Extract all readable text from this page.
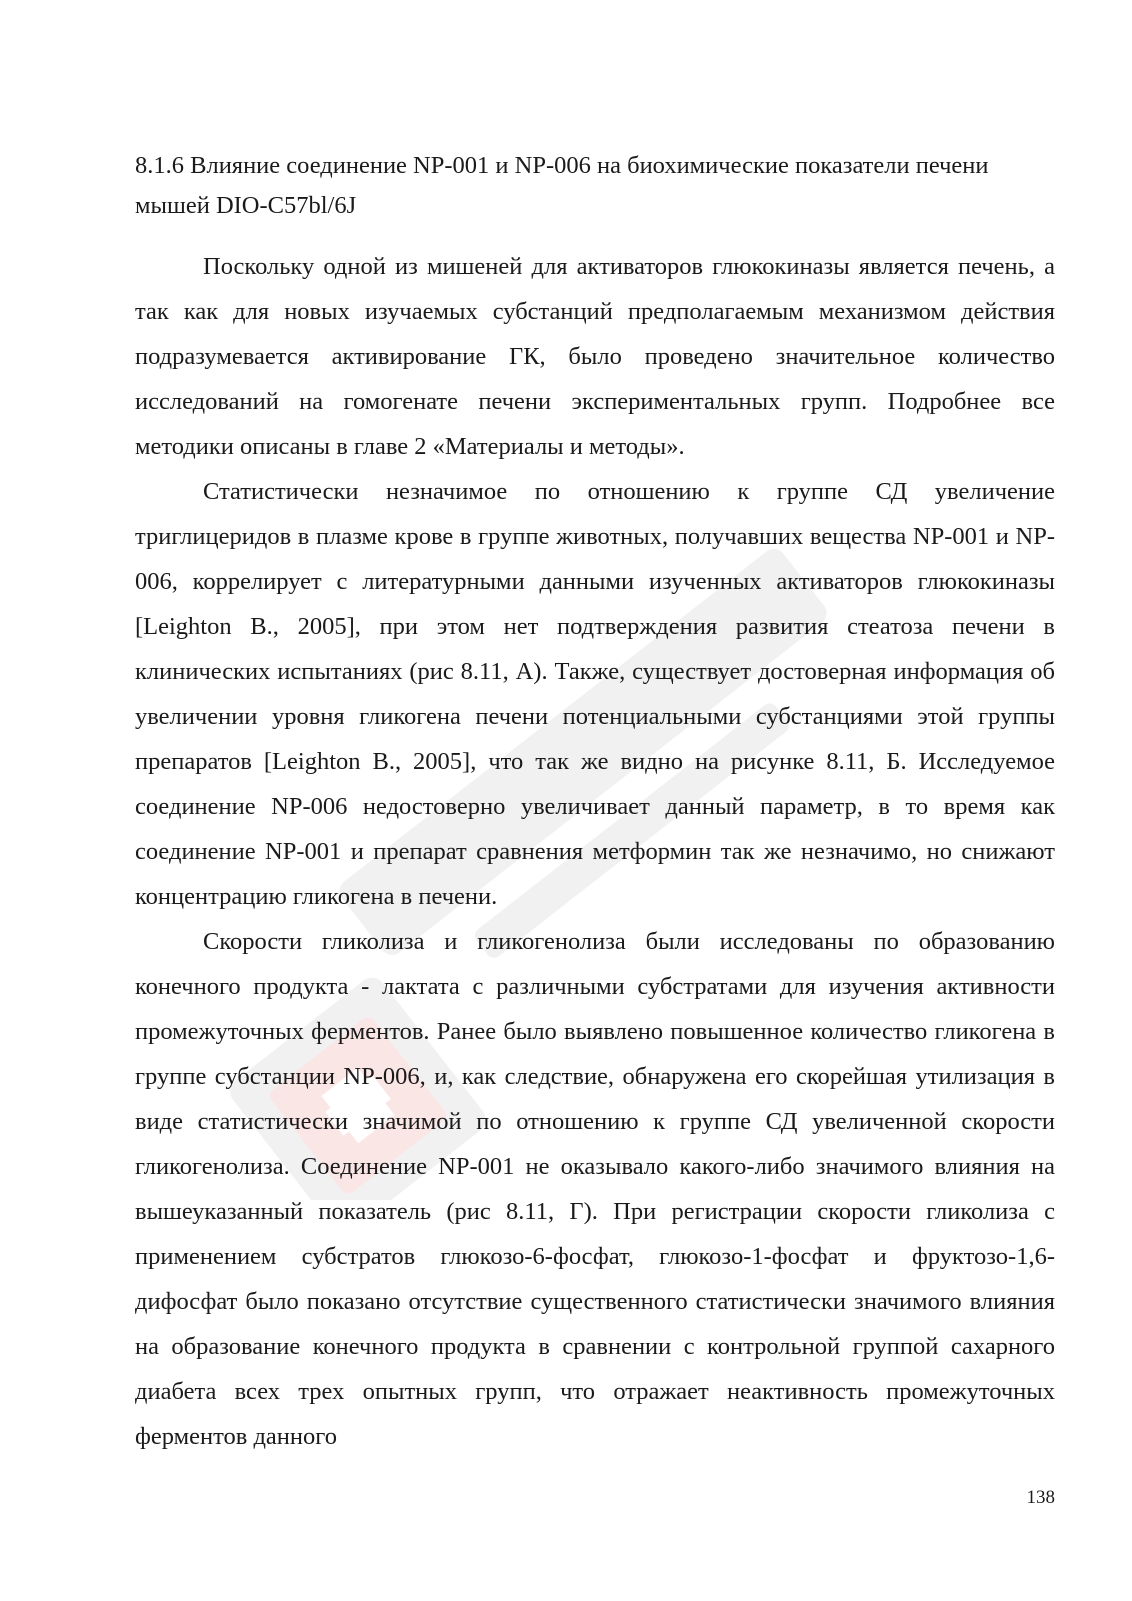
8.1.6 Влияние соединение NP-001 и NP-006 на биохимические показатели печени мышей DIO-C57bl/6J

Поскольку одной из мишеней для активаторов глюкокиназы является печень, а так как для новых изучаемых субстанций предполагаемым механизмом действия подразумевается активирование ГК, было проведено значительное количество исследований на гомогенате печени экспериментальных групп. Подробнее все методики описаны в главе 2 «Материалы и методы».

Статистически незначимое по отношению к группе СД увеличение триглицеридов в плазме крове в группе животных, получавших вещества NP-001 и NP-006, коррелирует с литературными данными изученных активаторов глюкокиназы [Leighton B., 2005], при этом нет подтверждения развития стеатоза печени в клинических испытаниях (рис 8.11, А). Также, существует достоверная информация об увеличении уровня гликогена печени потенциальными субстанциями этой группы препаратов [Leighton B., 2005], что так же видно на рисунке 8.11, Б. Исследуемое соединение NP-006 недостоверно увеличивает данный параметр, в то время как соединение NP-001 и препарат сравнения метформин так же незначимо, но снижают концентрацию гликогена в печени.

Скорости гликолиза и гликогенолиза были исследованы по образованию конечного продукта - лактата с различными субстратами для изучения активности промежуточных ферментов. Ранее было выявлено повышенное количество гликогена в группе субстанции NP-006, и, как следствие, обнаружена его скорейшая утилизация в виде статистически значимой по отношению к группе СД увеличенной скорости гликогенолиза. Соединение NP-001 не оказывало какого-либо значимого влияния на вышеуказанный показатель (рис 8.11, Г). При регистрации скорости гликолиза с применением субстратов глюкозо-6-фосфат, глюкозо-1-фосфат и фруктозо-1,6-дифосфат было показано отсутствие существенного статистически значимого влияния на образование конечного продукта в сравнении с контрольной группой сахарного диабета всех трех опытных групп, что отражает неактивность промежуточных ферментов данного

138
